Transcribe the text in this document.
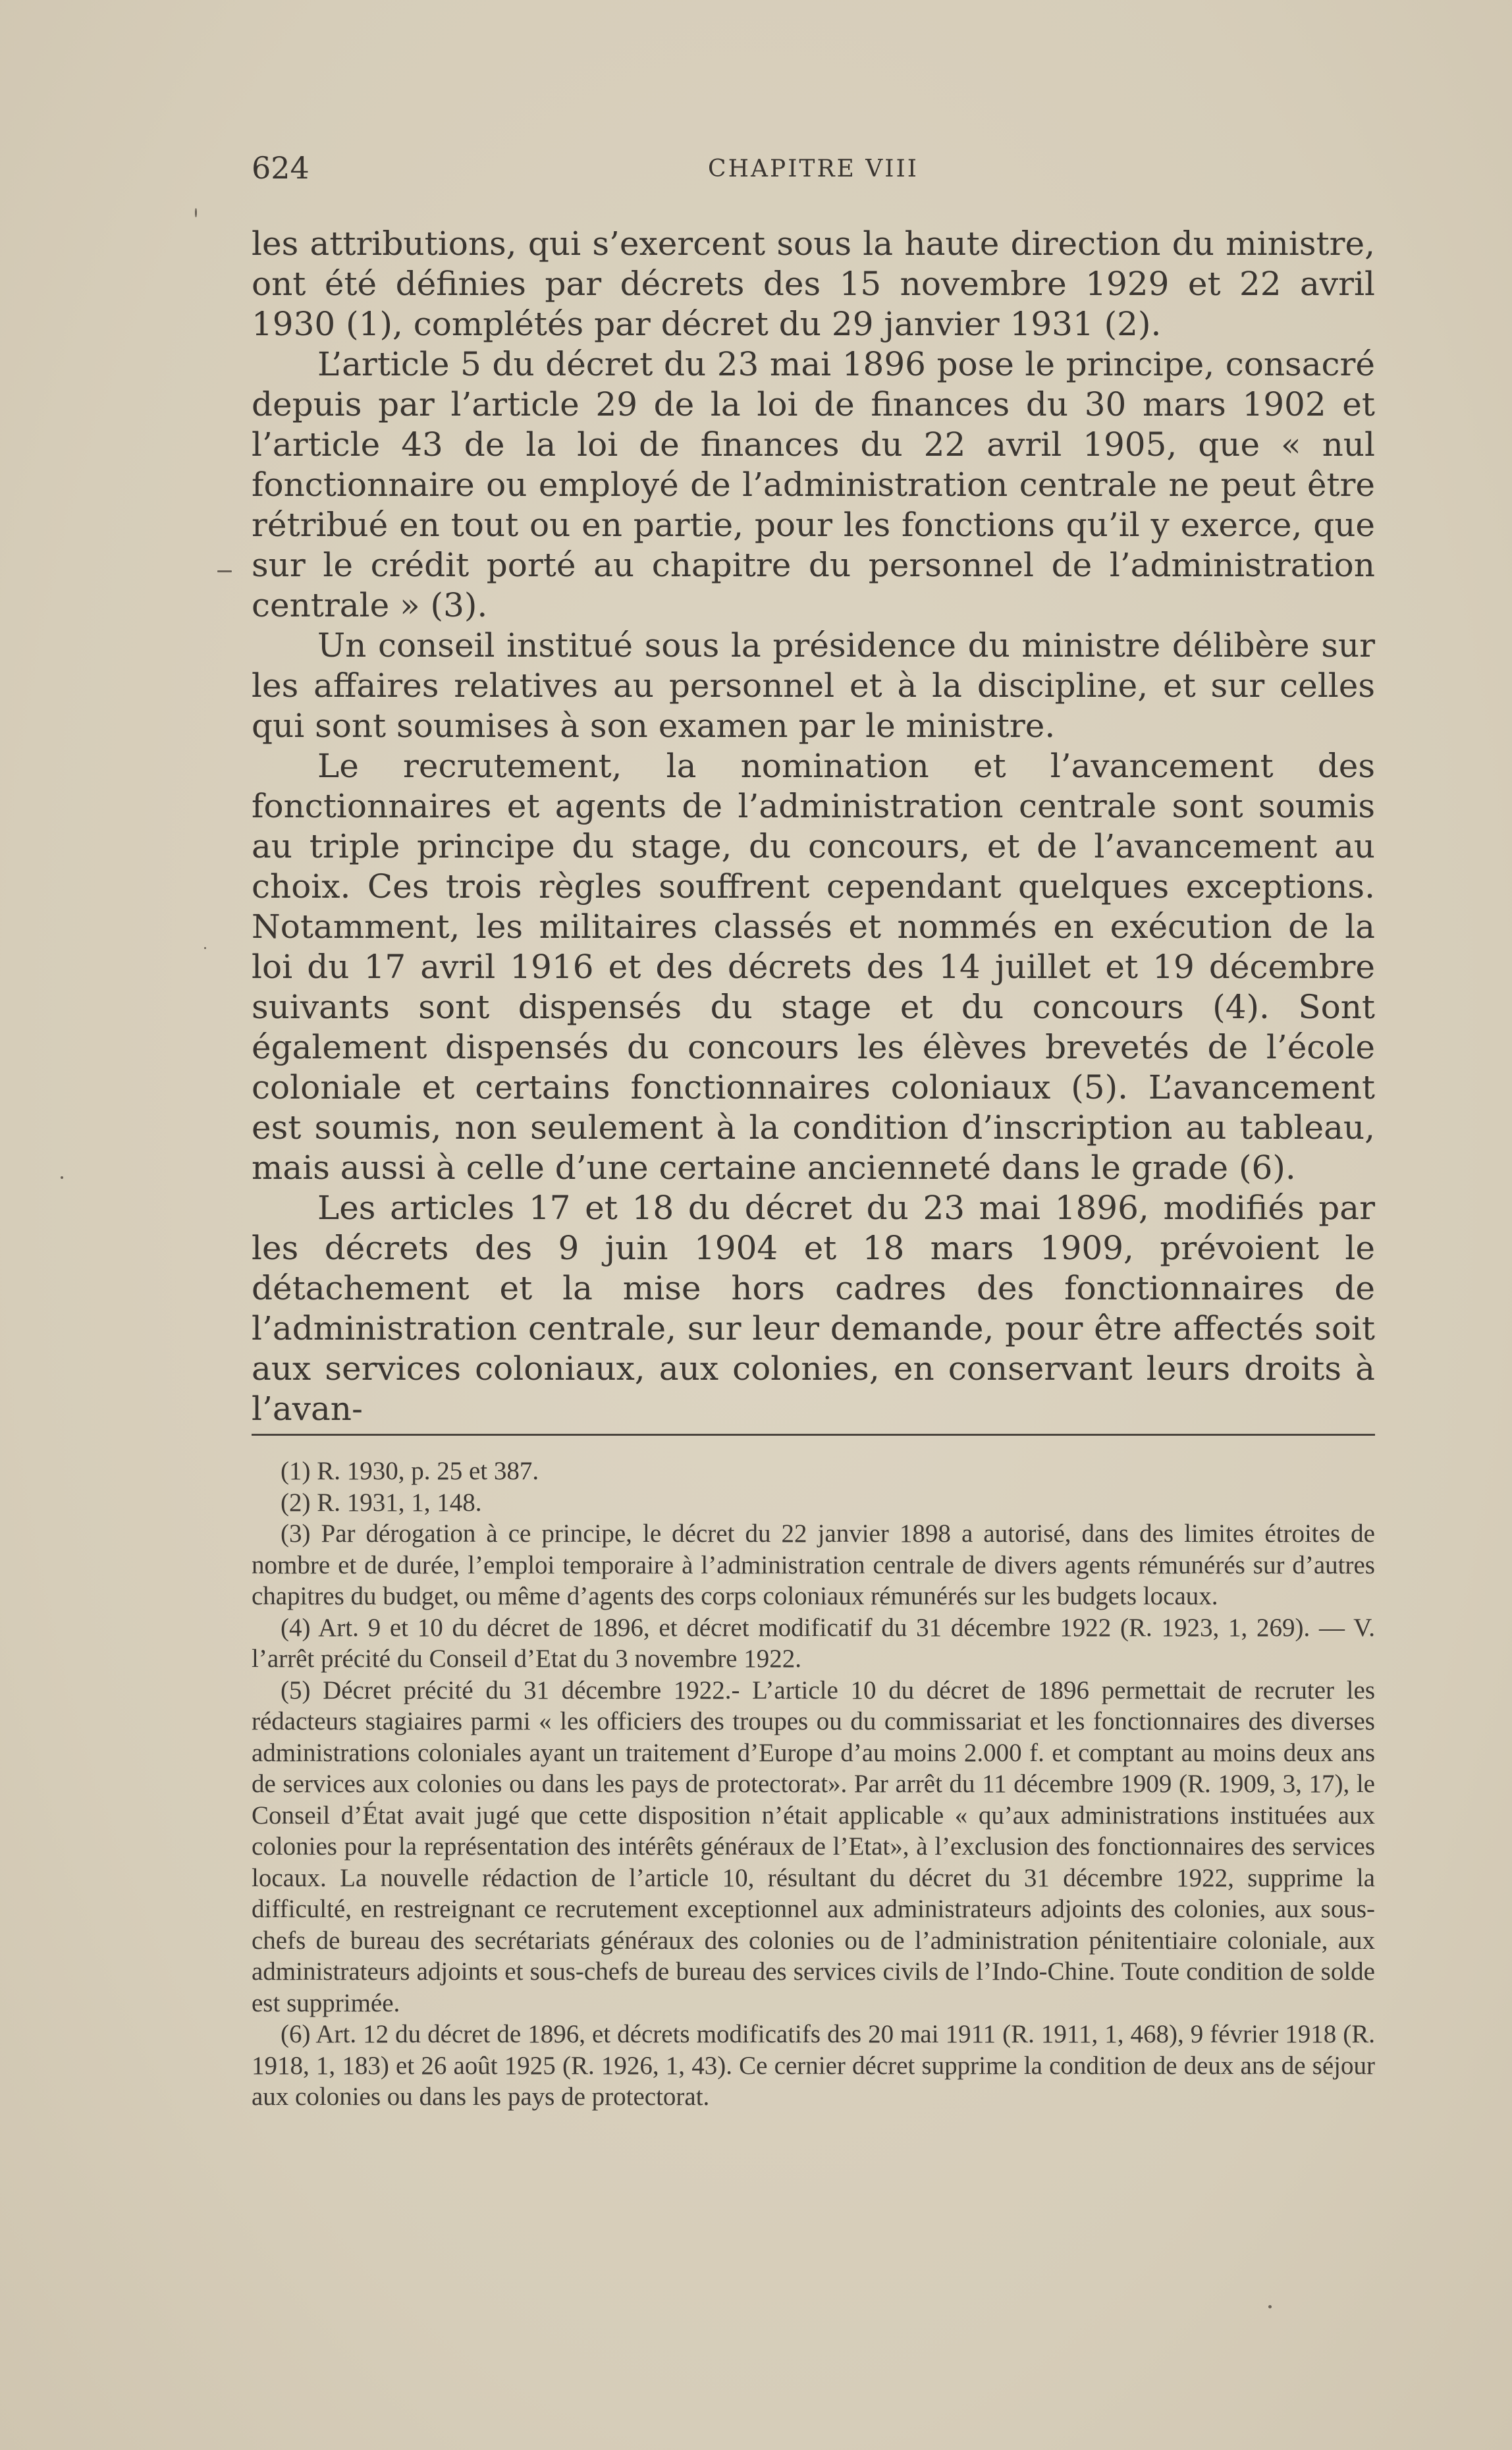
624	CHAPITRE VIII

les attributions, qui s’exercent sous la haute direction du ministre, ont été définies par décrets des 15 novembre 1929 et 22 avril 1930 (1), complétés par décret du 29 janvier 1931 (2).

L’article 5 du décret du 23 mai 1896 pose le principe, consacré depuis par l’article 29 de la loi de finances du 30 mars 1902 et l’article 43 de la loi de finances du 22 avril 1905, que « nul fonctionnaire ou employé de l’administration centrale ne peut être rétribué en tout ou en partie, pour les fonctions qu’il y exerce, que sur le crédit porté au chapitre du personnel de l’administration centrale » (3).

Un conseil institué sous la présidence du ministre délibère sur les affaires relatives au personnel et à la discipline, et sur celles qui sont soumises à son examen par le ministre.

Le recrutement, la nomination et l’avancement des fonctionnaires et agents de l’administration centrale sont soumis au triple principe du stage, du concours, et de l’avancement au choix. Ces trois règles souffrent cependant quelques exceptions. Notamment, les militaires classés et nommés en exécution de la loi du 17 avril 1916 et des décrets des 14 juillet et 19 décembre suivants sont dispensés du stage et du concours (4). Sont également dispensés du concours les élèves brevetés de l’école coloniale et certains fonctionnaires coloniaux (5). L’avancement est soumis, non seulement à la condition d’inscription au tableau, mais aussi à celle d’une certaine ancienneté dans le grade (6).

Les articles 17 et 18 du décret du 23 mai 1896, modifiés par les décrets des 9 juin 1904 et 18 mars 1909, prévoient le détachement et la mise hors cadres des fonctionnaires de l’administration centrale, sur leur demande, pour être affectés soit aux services coloniaux, aux colonies, en conservant leurs droits à l’avan-

(1) R. 1930, p. 25 et 387.

(2) R. 1931, 1, 148.

(3) Par dérogation à ce principe, le décret du 22 janvier 1898 a autorisé, dans des limites étroites de nombre et de durée, l’emploi temporaire à l’administration centrale de divers agents rémunérés sur d’autres chapitres du budget, ou même d’agents des corps coloniaux rémunérés sur les budgets locaux.

(4) Art. 9 et 10 du décret de 1896, et décret modificatif du 31 décembre 1922 (R. 1923, 1, 269). — V. l’arrêt précité du Conseil d’Etat du 3 novembre 1922.

(5) Décret précité du 31 décembre 1922.- L’article 10 du décret de 1896 permettait de recruter les rédacteurs stagiaires parmi « les officiers des troupes ou du commissariat et les fonctionnaires des diverses administrations coloniales ayant un traitement d’Europe d’au moins 2.000 f. et comptant au moins deux ans de services aux colonies ou dans les pays de protectorat». Par arrêt du 11 décembre 1909 (R. 1909, 3, 17), le Conseil d’État avait jugé que cette disposition n’était applicable « qu’aux administrations instituées aux colonies pour la représentation des intérêts généraux de l’Etat», à l’exclusion des fonctionnaires des services locaux. La nouvelle rédaction de l’article 10, résultant du décret du 31 décembre 1922, supprime la difficulté, en restreignant ce recrutement exceptionnel aux administrateurs adjoints des colonies, aux sous-chefs de bureau des secrétariats généraux des colonies ou de l’administration pénitentiaire coloniale, aux administrateurs adjoints et sous-chefs de bureau des services civils de l’Indo-Chine. Toute condition de solde est supprimée.

(6) Art. 12 du décret de 1896, et décrets modificatifs des 20 mai 1911 (R. 1911, 1, 468), 9 février 1918 (R. 1918, 1, 183) et 26 août 1925 (R. 1926, 1, 43). Ce cernier décret supprime la condition de deux ans de séjour aux colonies ou dans les pays de protectorat.
